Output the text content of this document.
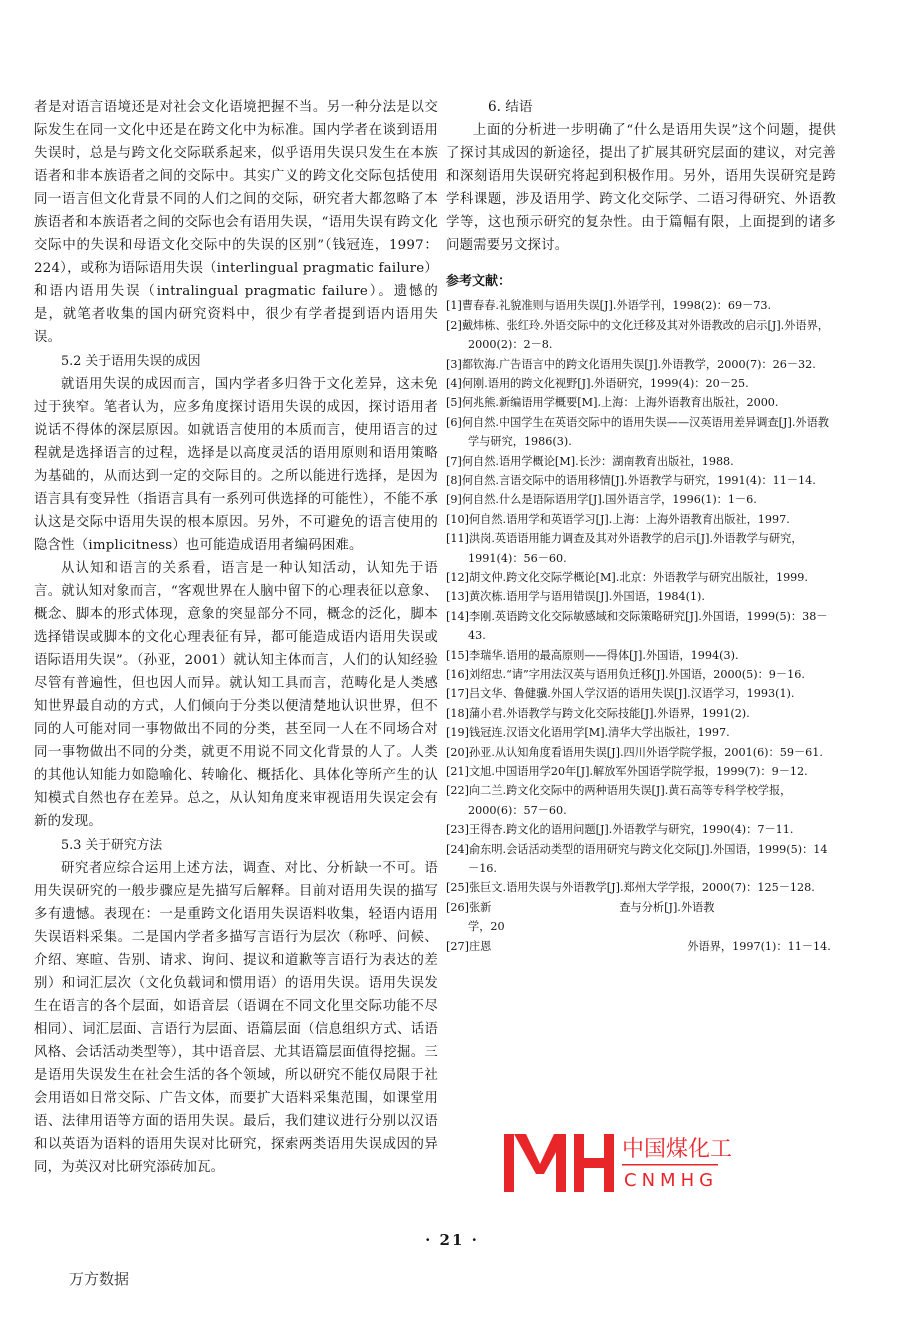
者是对语言语境还是对社会文化语境把握不当。另一种分法是以交际发生在同一文化中还是在跨文化中为标准。国内学者在谈到语用失误时，总是与跨文化交际联系起来，似乎语用失误只发生在本族语者和非本族语者之间的交际中。其实广义的跨文化交际包括使用同一语言但文化背景不同的人们之间的交际，研究者大都忽略了本族语者和本族语者之间的交际也会有语用失误，“语用失误有跨文化交际中的失误和母语文化交际中的失误的区别”（钱冠连，1997：224），或称为语际语用失误（interlingual pragmatic failure）和语内语用失误（intralingual pragmatic failure）。遗憾的是，就笔者收集的国内研究资料中，很少有学者提到语内语用失误。

5.2 关于语用失误的成因

就语用失误的成因而言，国内学者多归咎于文化差异，这未免过于狭窄。笔者认为，应多角度探讨语用失误的成因，探讨语用者说话不得体的深层原因。如就语言使用的本质而言，使用语言的过程就是选择语言的过程，选择是以高度灵活的语用原则和语用策略为基础的，从而达到一定的交际目的。之所以能进行选择，是因为语言具有变异性（指语言具有一系列可供选择的可能性），不能不承认这是交际中语用失误的根本原因。另外，不可避免的语言使用的隐含性（implicitness）也可能造成语用者编码困难。

从认知和语言的关系看，语言是一种认知活动，认知先于语言。就认知对象而言，“客观世界在人脑中留下的心理表征以意象、概念、脚本的形式体现，意象的突显部分不同，概念的泛化，脚本选择错误或脚本的文化心理表征有异，都可能造成语内语用失误或语际语用失误”。（孙亚，2001）就认知主体而言，人们的认知经验尽管有普遍性，但也因人而异。就认知工具而言，范畴化是人类感知世界最自动的方式，人们倾向于分类以便清楚地认识世界，但不同的人可能对同一事物做出不同的分类，甚至同一人在不同场合对同一事物做出不同的分类，就更不用说不同文化背景的人了。人类的其他认知能力如隐喻化、转喻化、概括化、具体化等所产生的认知模式自然也存在差异。总之，从认知角度来审视语用失误定会有新的发现。

5.3 关于研究方法

研究者应综合运用上述方法，调查、对比、分析缺一不可。语用失误研究的一般步骤应是先描写后解释。目前对语用失误的描写多有遗憾。表现在：一是重跨文化语用失误语料收集，轻语内语用失误语料采集。二是国内学者多描写言语行为层次（称呼、问候、介绍、寒暄、告别、请求、询问、提议和道歉等言语行为表达的差别）和词汇层次（文化负载词和惯用语）的语用失误。语用失误发生在语言的各个层面，如语音层（语调在不同文化里交际功能不尽相同）、词汇层面、言语行为层面、语篇层面（信息组织方式、话语风格、会话活动类型等），其中语音层、尤其语篇层面值得挖掘。三是语用失误发生在社会生活的各个领域，所以研究不能仅局限于社会用语如日常交际、广告文体，而要扩大语料采集范围，如课堂用语、法律用语等方面的语用失误。最后，我们建议进行分别以汉语和以英语为语料的语用失误对比研究，探索两类语用失误成因的异同，为英汉对比研究添砖加瓦。

6. 结语

上面的分析进一步明确了“什么是语用失误”这个问题，提供了探讨其成因的新途径，提出了扩展其研究层面的建议，对完善和深刻语用失误研究将起到积极作用。另外，语用失误研究是跨学科课题，涉及语用学、跨文化交际学、二语习得研究、外语教学等，这也预示研究的复杂性。由于篇幅有限，上面提到的诸多问题需要另文探讨。

参考文献：

[1]曹春春.礼貌准则与语用失误[J].外语学刊，1998(2)：69－73.

[2]戴炜栋、张红玲.外语交际中的文化迁移及其对外语教改的启示[J].外语界，2000(2)：2－8.

[3]都钦海.广告语言中的跨文化语用失误[J].外语教学，2000(7)：26－32.

[4]何刚.语用的跨文化视野[J].外语研究，1999(4)：20－25.

[5]何兆熊.新编语用学概要[M].上海：上海外语教育出版社，2000.

[6]何自然.中国学生在英语交际中的语用失误——汉英语用差异调查[J].外语教学与研究，1986(3).

[7]何自然.语用学概论[M].长沙：湖南教育出版社，1988.

[8]何自然.言语交际中的语用移情[J].外语教学与研究，1991(4)：11－14.

[9]何自然.什么是语际语用学[J].国外语言学，1996(1)：1－6.

[10]何自然.语用学和英语学习[J].上海：上海外语教育出版社，1997.

[11]洪岗.英语语用能力调查及其对外语教学的启示[J].外语教学与研究，1991(4)：56－60.

[12]胡文仲.跨文化交际学概论[M].北京：外语教学与研究出版社，1999.

[13]黄次栋.语用学与语用错误[J].外国语，1984(1).

[14]李刚.英语跨文化交际敏感域和交际策略研究[J].外国语，1999(5)：38－43.

[15]李瑞华.语用的最高原则——得体[J].外国语，1994(3).

[16]刘绍忠.“请”字用法汉英与语用负迁移[J].外国语，2000(5)：9－16.

[17]吕文华、鲁健骥.外国人学汉语的语用失误[J].汉语学习，1993(1).

[18]蒲小君.外语教学与跨文化交际技能[J].外语界，1991(2).

[19]钱冠连.汉语文化语用学[M].清华大学出版社，1997.

[20]孙亚.从认知角度看语用失误[J].四川外语学院学报，2001(6)：59－61.

[21]文旭.中国语用学20年[J].解放军外国语学院学报，1999(7)：9－12.

[22]向二兰.跨文化交际中的两种语用失误[J].黄石高等专科学校学报，2000(6)：57－60.

[23]王得杏.跨文化的语用问题[J].外语教学与研究，1990(4)：7－11.

[24]俞东明.会话活动类型的语用研究与跨文化交际[J].外国语，1999(5)：14－16.

[25]张巨文.语用失误与外语教学[J].郑州大学学报，2000(7)：125－128.

[26]张新	查与分析[J].外语教
学，20

[27]庄恩	外语界，1997(1)：11－14.

中国煤化工
CNMHG
· 21 ·
万方数据
